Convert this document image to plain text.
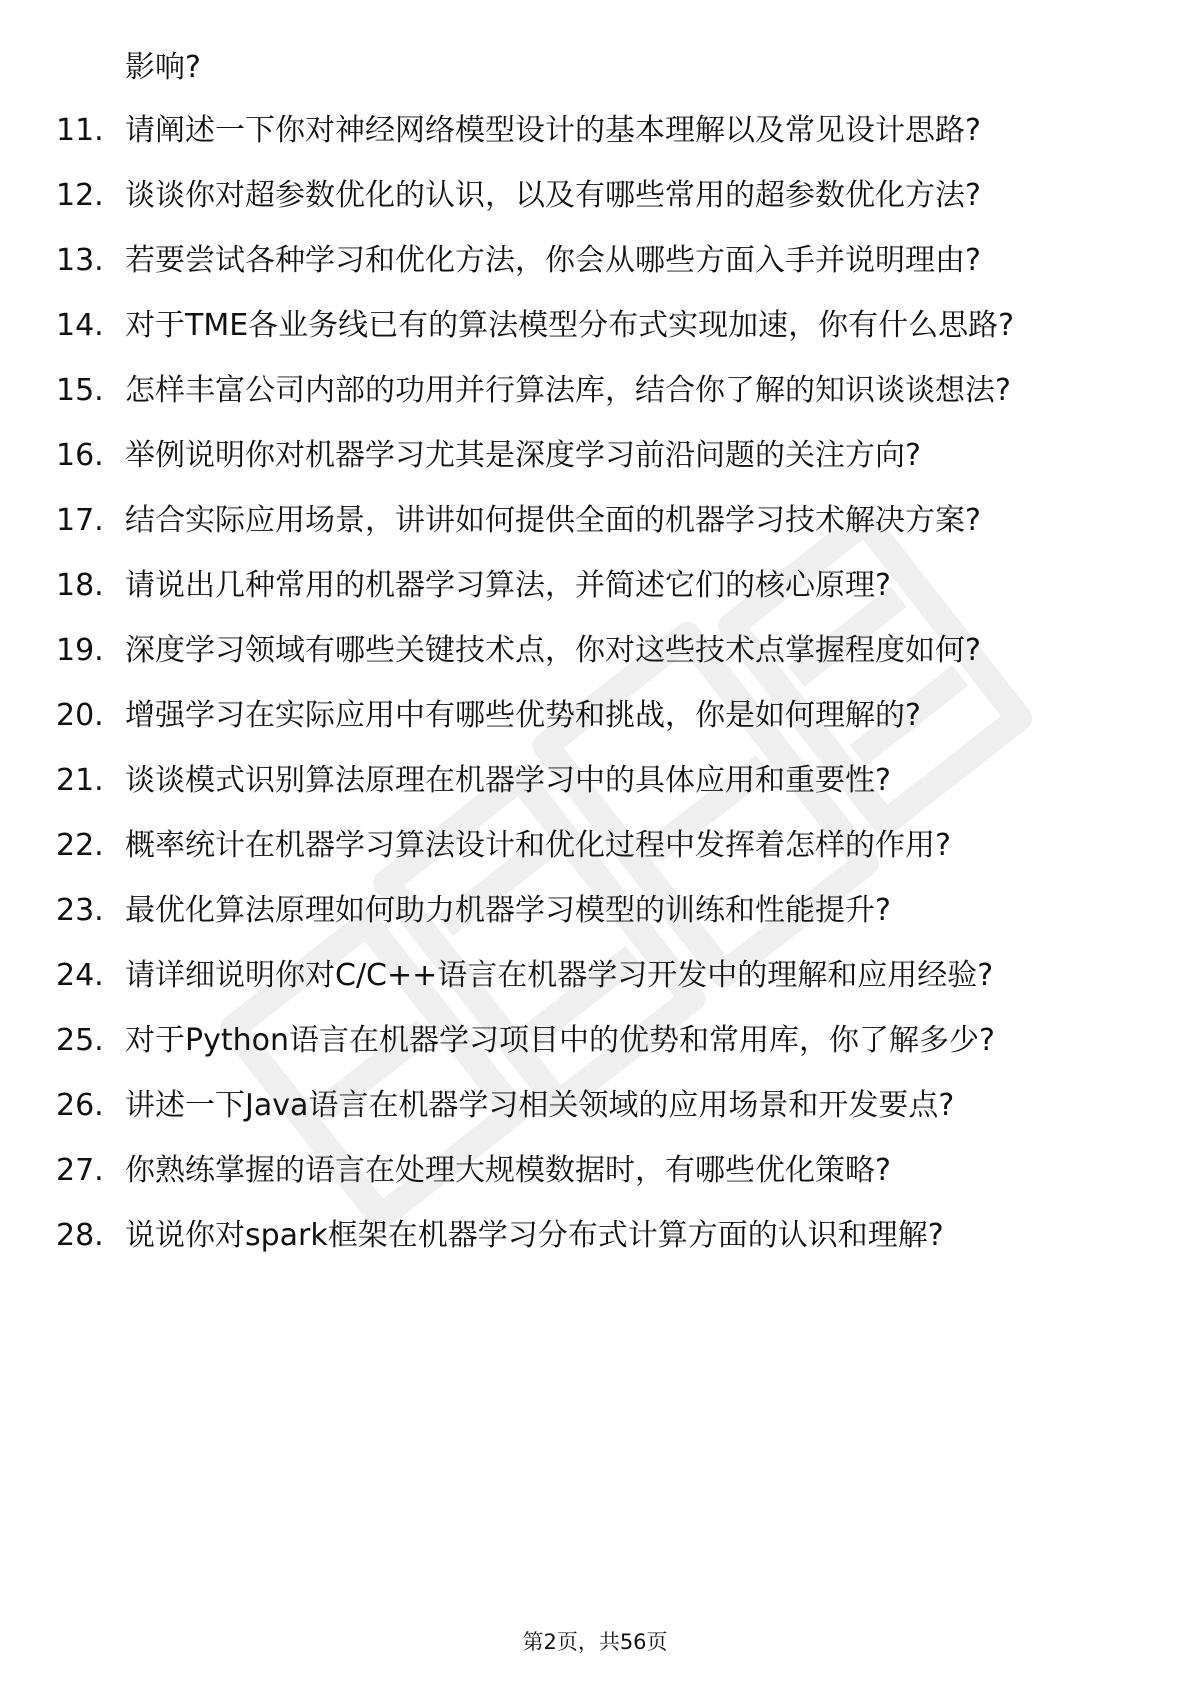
影响?
11. 请阐述一下你对神经网络模型设计的基本理解以及常见设计思路?
12. 谈谈你对超参数优化的认识，以及有哪些常用的超参数优化方法?
13. 若要尝试各种学习和优化方法，你会从哪些方面入手并说明理由?
14. 对于TME各业务线已有的算法模型分布式实现加速，你有什么思路?
15. 怎样丰富公司内部的功用并行算法库，结合你了解的知识谈谈想法?
16. 举例说明你对机器学习尤其是深度学习前沿问题的关注方向?
17. 结合实际应用场景，讲讲如何提供全面的机器学习技术解决方案?
18. 请说出几种常用的机器学习算法，并简述它们的核心原理?
19. 深度学习领域有哪些关键技术点，你对这些技术点掌握程度如何?
20. 增强学习在实际应用中有哪些优势和挑战，你是如何理解的?
21. 谈谈模式识别算法原理在机器学习中的具体应用和重要性?
22. 概率统计在机器学习算法设计和优化过程中发挥着怎样的作用?
23. 最优化算法原理如何助力机器学习模型的训练和性能提升?
24. 请详细说明你对C/C++语言在机器学习开发中的理解和应用经验?
25. 对于Python语言在机器学习项目中的优势和常用库，你了解多少?
26. 讲述一下Java语言在机器学习相关领域的应用场景和开发要点?
27. 你熟练掌握的语言在处理大规模数据时，有哪些优化策略?
28. 说说你对spark框架在机器学习分布式计算方面的认识和理解?
第2页，共56页
